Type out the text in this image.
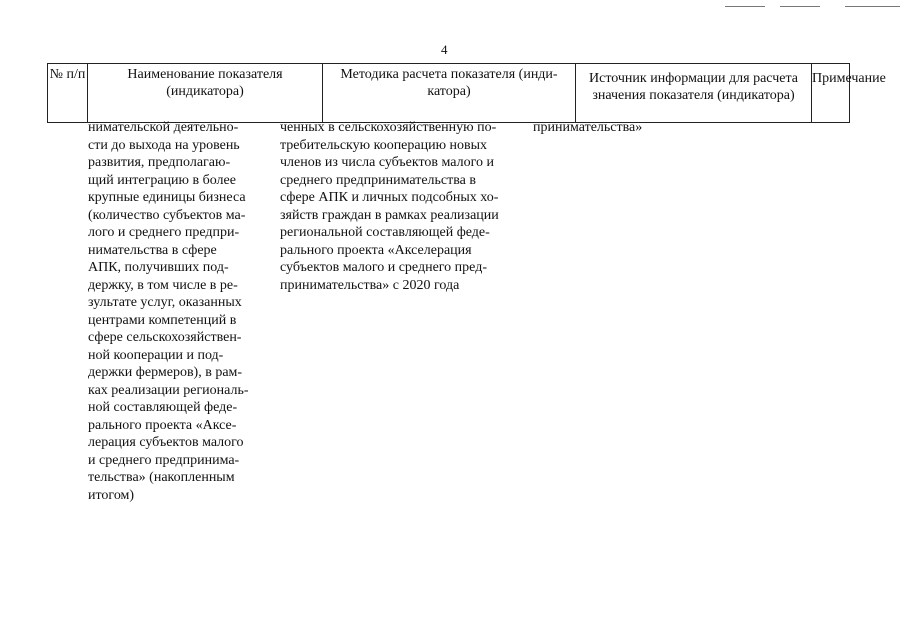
4
№ п/п	Наименование показателя (индикатора)
Методика расчета показателя (инди-катора)
Источник информации для расчета значения показателя (индикатора)
Примечание
нимательской деятельно-
сти до выхода на уровень
развития, предполагаю-
щий интеграцию в более
крупные единицы бизнеса
(количество субъектов ма-
лого и среднего предпри-
нимательства в сфере
АПК, получивших под-
держку, в том числе в ре-
зультате услуг, оказанных
центрами компетенций в
сфере сельскохозяйствен-
ной кооперации и под-
держки фермеров), в рам-
ках реализации региональ-
ной составляющей феде-
рального проекта «Аксе-
лерация субъектов малого
и среднего предпринима-
тельства» (накопленным
итогом)
ченных в сельскохозяйственную по-
требительскую кооперацию новых
членов из числа субъектов малого и
среднего предпринимательства в
сфере АПК и личных подсобных хо-
зяйств граждан в рамках реализации
региональной составляющей феде-
рального проекта «Акселерация
субъектов малого и среднего пред-
принимательства» с 2020 года
принимательства»
